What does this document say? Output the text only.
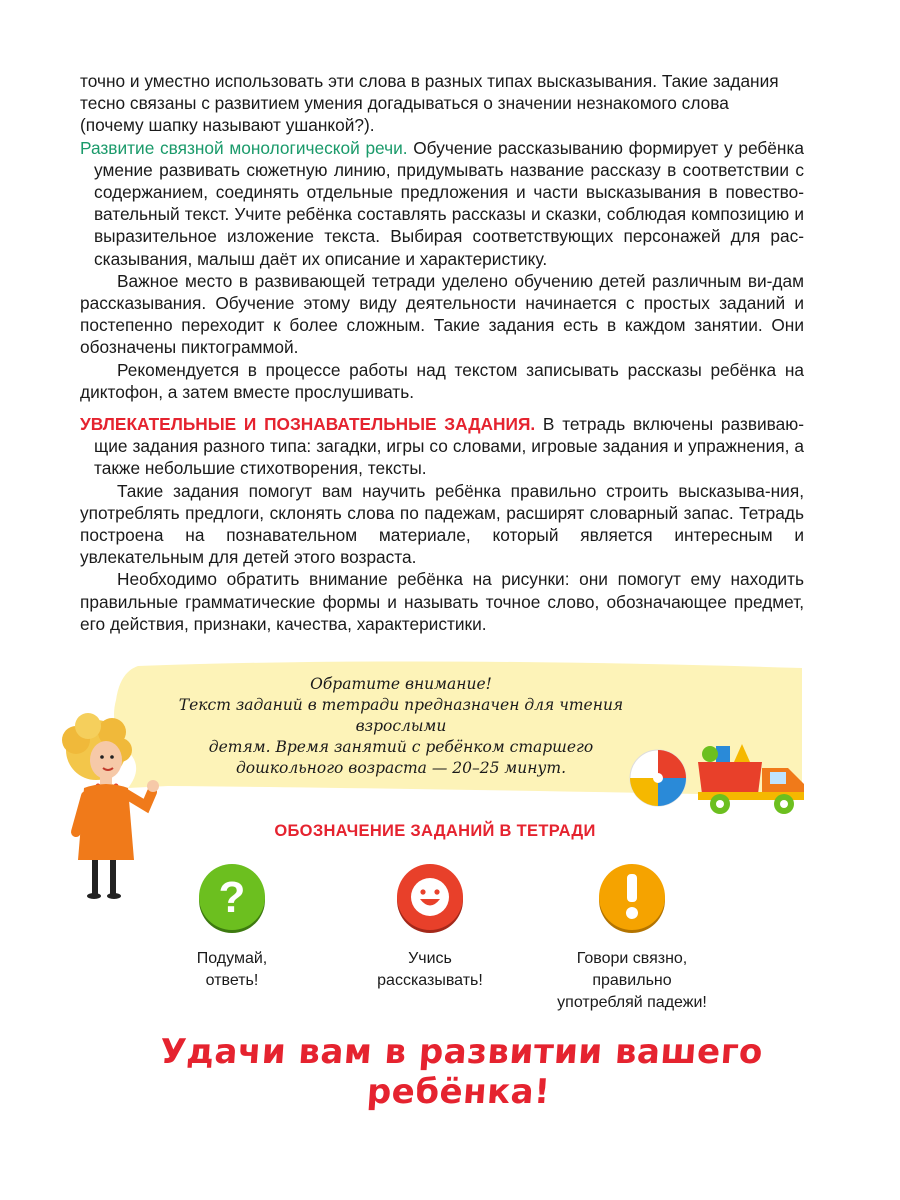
точно и уместно использовать эти слова в разных типах высказывания. Такие задания

тесно связаны с развитием умения догадываться о значении незнакомого слова

(почему шапку называют ушанкой?).

Развитие связной монологической речи. Обучение рассказыванию формирует у ребёнка умение развивать сюжетную линию, придумывать название рассказу в соответствии с содержанием, соединять отдельные предложения и части высказывания в повество-вательный текст. Учите ребёнка составлять рассказы и сказки, соблюдая композицию и выразительное изложение текста. Выбирая соответствующих персонажей для рас-сказывания, малыш даёт их описание и характеристику.

Важное место в развивающей тетради уделено обучению детей различным ви-дам рассказывания. Обучение этому виду деятельности начинается с простых заданий и постепенно переходит к более сложным. Такие задания есть в каждом занятии. Они обозначены пиктограммой.

Рекомендуется в процессе работы над текстом записывать рассказы ребёнка на диктофон, а затем вместе прослушивать.

УВЛЕКАТЕЛЬНЫЕ И ПОЗНАВАТЕЛЬНЫЕ ЗАДАНИЯ. В тетрадь включены развиваю-щие задания разного типа: загадки, игры со словами, игровые задания и упражнения, а также небольшие стихотворения, тексты.

Такие задания помогут вам научить ребёнка правильно строить высказыва-ния, употреблять предлоги, склонять слова по падежам, расширят словарный запас. Тетрадь построена на познавательном материале, который является интересным и увлекательным для детей этого возраста.

Необходимо обратить внимание ребёнка на рисунки: они помогут ему находить правильные грамматические формы и называть точное слово, обозначающее предмет, его действия, признаки, качества, характеристики.

Обратите внимание!
Текст заданий в тетради предназначен для чтения взрослыми
детям. Время занятий с ребёнком старшего
дошкольного возраста — 20–25 минут.
ОБОЗНАЧЕНИЕ ЗАДАНИЙ В ТЕТРАДИ
?
Подумай,
ответь!
Учись
рассказывать!
Говори связно,
правильно
употребляй падежи!
Удачи вам в развитии вашего ребёнка!
